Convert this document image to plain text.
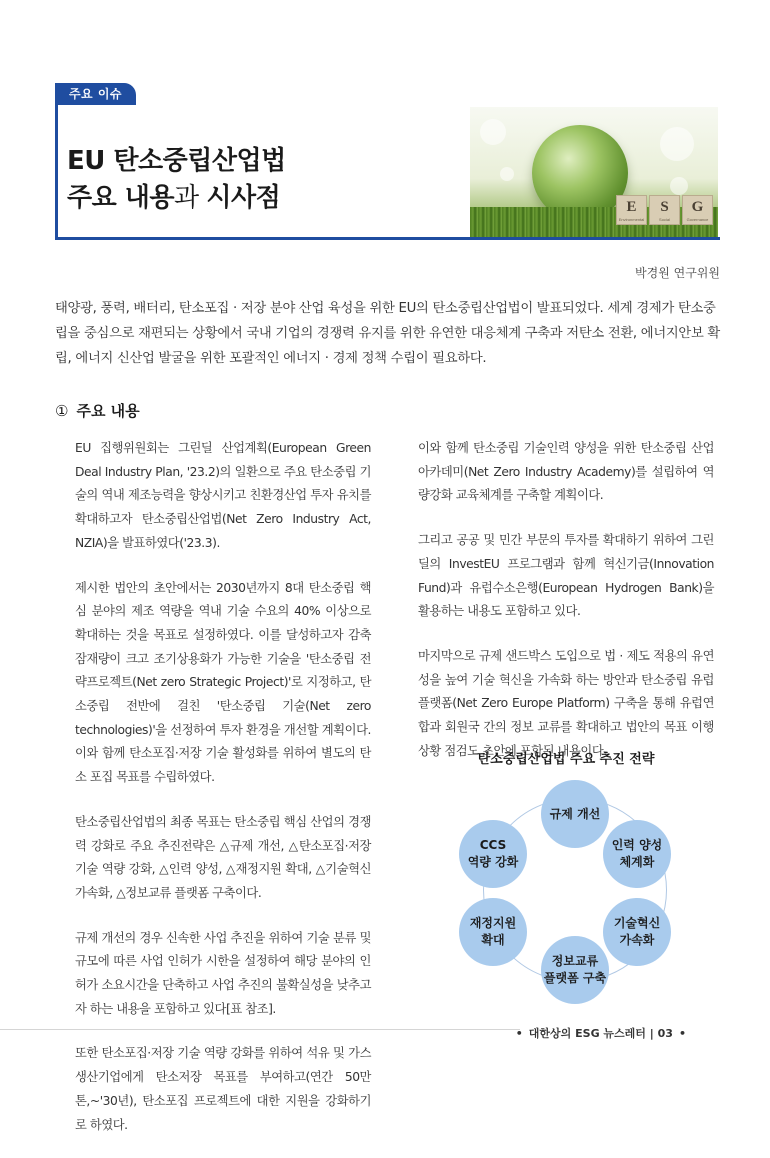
주요 이슈
EU 탄소중립산업법
주요 내용과 시사점	E
Environmental
S
Social
G
Governance
박경원 연구위원

태양광, 풍력, 배터리, 탄소포집 · 저장 분야 산업 육성을 위한 EU의 탄소중립산업법이 발표되었다. 세계 경제가 탄소중립을 중심으로 재편되는 상황에서 국내 기업의 경쟁력 유지를 위한 유연한 대응체계 구축과 저탄소 전환, 에너지안보 확립, 에너지 신산업 발굴을 위한 포괄적인 에너지 · 경제 정책 수립이 필요하다.

① 주요 내용

EU 집행위원회는 그린딜 산업계획(European Green Deal Industry Plan, '23.2)의 일환으로 주요 탄소중립 기술의 역내 제조능력을 향상시키고 친환경산업 투자 유치를 확대하고자 탄소중립산업법(Net Zero Industry Act, NZIA)을 발표하였다('23.3).

제시한 법안의 초안에서는 2030년까지 8대 탄소중립 핵심 분야의 제조 역량을 역내 기술 수요의 40% 이상으로 확대하는 것을 목표로 설정하였다. 이를 달성하고자 감축잠재량이 크고 조기상용화가 가능한 기술을 '탄소중립 전략프로젝트(Net zero Strategic Project)'로 지정하고, 탄소중립 전반에 걸친 '탄소중립 기술(Net zero technologies)'을 선정하여 투자 환경을 개선할 계획이다. 이와 함께 탄소포집·저장 기술 활성화를 위하여 별도의 탄소 포집 목표를 수립하였다.

탄소중립산업법의 최종 목표는 탄소중립 핵심 산업의 경쟁력 강화로 주요 추진전략은 △규제 개선, △탄소포집·저장 기술 역량 강화, △인력 양성, △재정지원 확대, △기술혁신 가속화, △정보교류 플랫폼 구축이다.

규제 개선의 경우 신속한 사업 추진을 위하여 기술 분류 및 규모에 따른 사업 인허가 시한을 설정하여 해당 분야의 인허가 소요시간을 단축하고 사업 추진의 불확실성을 낮추고자 하는 내용을 포함하고 있다[표 참조].

또한 탄소포집·저장 기술 역량 강화를 위하여 석유 및 가스 생산기업에게 탄소저장 목표를 부여하고(연간 50만톤,~'30년), 탄소포집 프로젝트에 대한 지원을 강화하기로 하였다.

이와 함께 탄소중립 기술인력 양성을 위한 탄소중립 산업 아카데미(Net Zero Industry Academy)를 설립하여 역량강화 교육체계를 구축할 계획이다.

그리고 공공 및 민간 부문의 투자를 확대하기 위하여 그린딜의 InvestEU 프로그램과 함께 혁신기금(Innovation Fund)과 유럽수소은행(European Hydrogen Bank)을 활용하는 내용도 포함하고 있다.

마지막으로 규제 샌드박스 도입으로 법 · 제도 적용의 유연성을 높여 기술 혁신을 가속화 하는 방안과 탄소중립 유럽 플랫폼(Net Zero Europe Platform) 구축을 통해 유럽연합과 회원국 간의 정보 교류를 확대하고 법안의 목표 이행 상황 점검도 초안에 포함된 내용이다.

탄소중립산업법 주요 추진 전략
규제 개선
인력 양성
체계화
기술혁신
가속화
정보교류
플랫폼 구축
재정지원
확대
CCS
역량 강화
• 대한상의 ESG 뉴스레터 | 03 •
